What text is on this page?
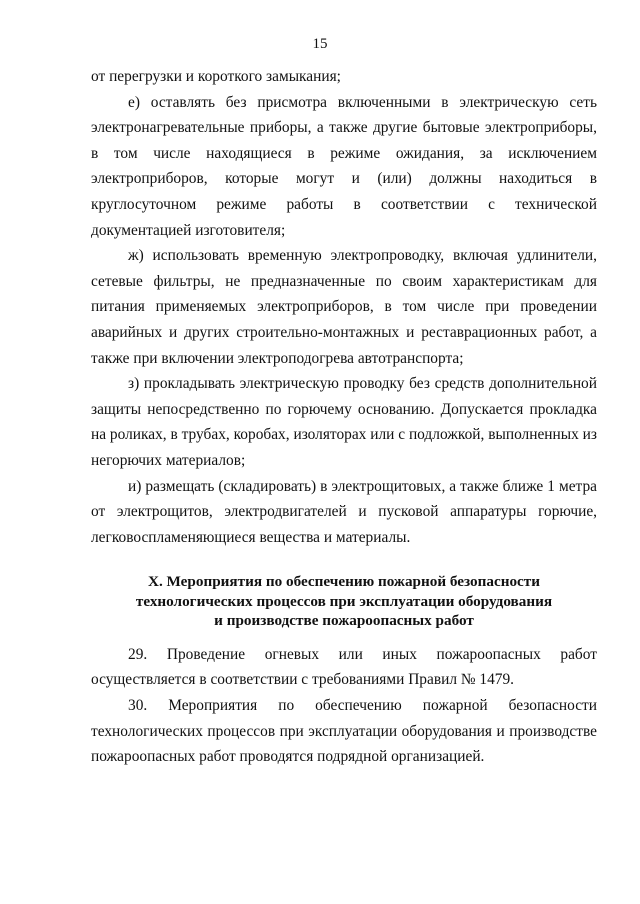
15

от перегрузки и короткого замыкания;

е) оставлять без присмотра включенными в электрическую сеть электронагревательные приборы, а также другие бытовые электроприборы, в том числе находящиеся в режиме ожидания, за исключением электроприборов, которые могут и (или) должны находиться в круглосуточном режиме работы в соответствии с технической документацией изготовителя;

ж) использовать временную электропроводку, включая удлинители, сетевые фильтры, не предназначенные по своим характеристикам для питания применяемых электроприборов, в том числе при проведении аварийных и других строительно-монтажных и реставрационных работ, а также при включении электроподогрева автотранспорта;

з) прокладывать электрическую проводку без средств дополнительной защиты непосредственно по горючему основанию. Допускается прокладка на роликах, в трубах, коробах, изоляторах или с подложкой, выполненных из негорючих материалов;

и) размещать (складировать) в электрощитовых, а также ближе 1 метра от электрощитов, электродвигателей и пусковой аппаратуры горючие, легковоспламеняющиеся вещества и материалы.

X. Мероприятия по обеспечению пожарной безопасности
технологических процессов при эксплуатации оборудования
и производстве пожароопасных работ

29. Проведение огневых или иных пожароопасных работ осуществляется в соответствии с требованиями Правил № 1479.

30. Мероприятия по обеспечению пожарной безопасности технологических процессов при эксплуатации оборудования и производстве пожароопасных работ проводятся подрядной организацией.
